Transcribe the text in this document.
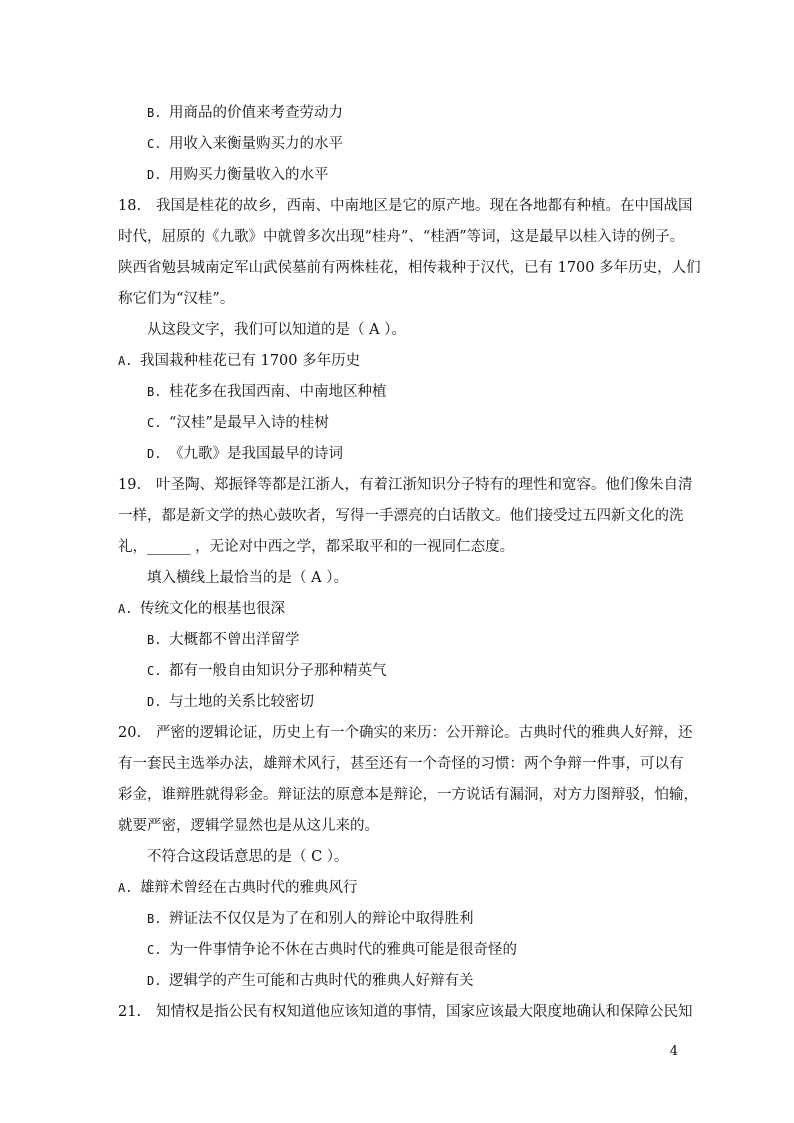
B. 用商品的价值来考查劳动力
C. 用收入来衡量购买力的水平
D. 用购买力衡量收入的水平
18. 我国是桂花的故乡，西南、中南地区是它的原产地。现在各地都有种植。在中国战国
时代，屈原的《九歌》中就曾多次出现“桂舟”、“桂酒”等词，这是最早以桂入诗的例子。
陕西省勉县城南定军山武侯墓前有两株桂花，相传栽种于汉代，已有 1700 多年历史，人们
称它们为“汉桂”。
从这段文字，我们可以知道的是（ A ）。
A. 我国栽种桂花已有 1700 多年历史
B. 桂花多在我国西南、中南地区种植
C. “汉桂”是最早入诗的桂树
D. 《九歌》是我国最早的诗词
19. 叶圣陶、郑振铎等都是江浙人，有着江浙知识分子特有的理性和宽容。他们像朱自清
一样，都是新文学的热心鼓吹者，写得一手漂亮的白话散文。他们接受过五四新文化的洗
礼，______ ，无论对中西之学，都采取平和的一视同仁态度。
填入横线上最恰当的是（ A ）。
A. 传统文化的根基也很深
B. 大概都不曾出洋留学
C. 都有一般自由知识分子那种精英气
D. 与土地的关系比较密切
20. 严密的逻辑论证，历史上有一个确实的来历：公开辩论。古典时代的雅典人好辩，还
有一套民主选举办法，雄辩术风行，甚至还有一个奇怪的习惯：两个争辩一件事，可以有
彩金，谁辩胜就得彩金。辩证法的原意本是辩论，一方说话有漏洞，对方力图辩驳，怕输，
就要严密，逻辑学显然也是从这儿来的。
不符合这段话意思的是（ C ）。
A. 雄辩术曾经在古典时代的雅典风行
B. 辨证法不仅仅是为了在和别人的辩论中取得胜利
C. 为一件事情争论不休在古典时代的雅典可能是很奇怪的
D. 逻辑学的产生可能和古典时代的雅典人好辩有关
21. 知情权是指公民有权知道他应该知道的事情，国家应该最大限度地确认和保障公民知
4
